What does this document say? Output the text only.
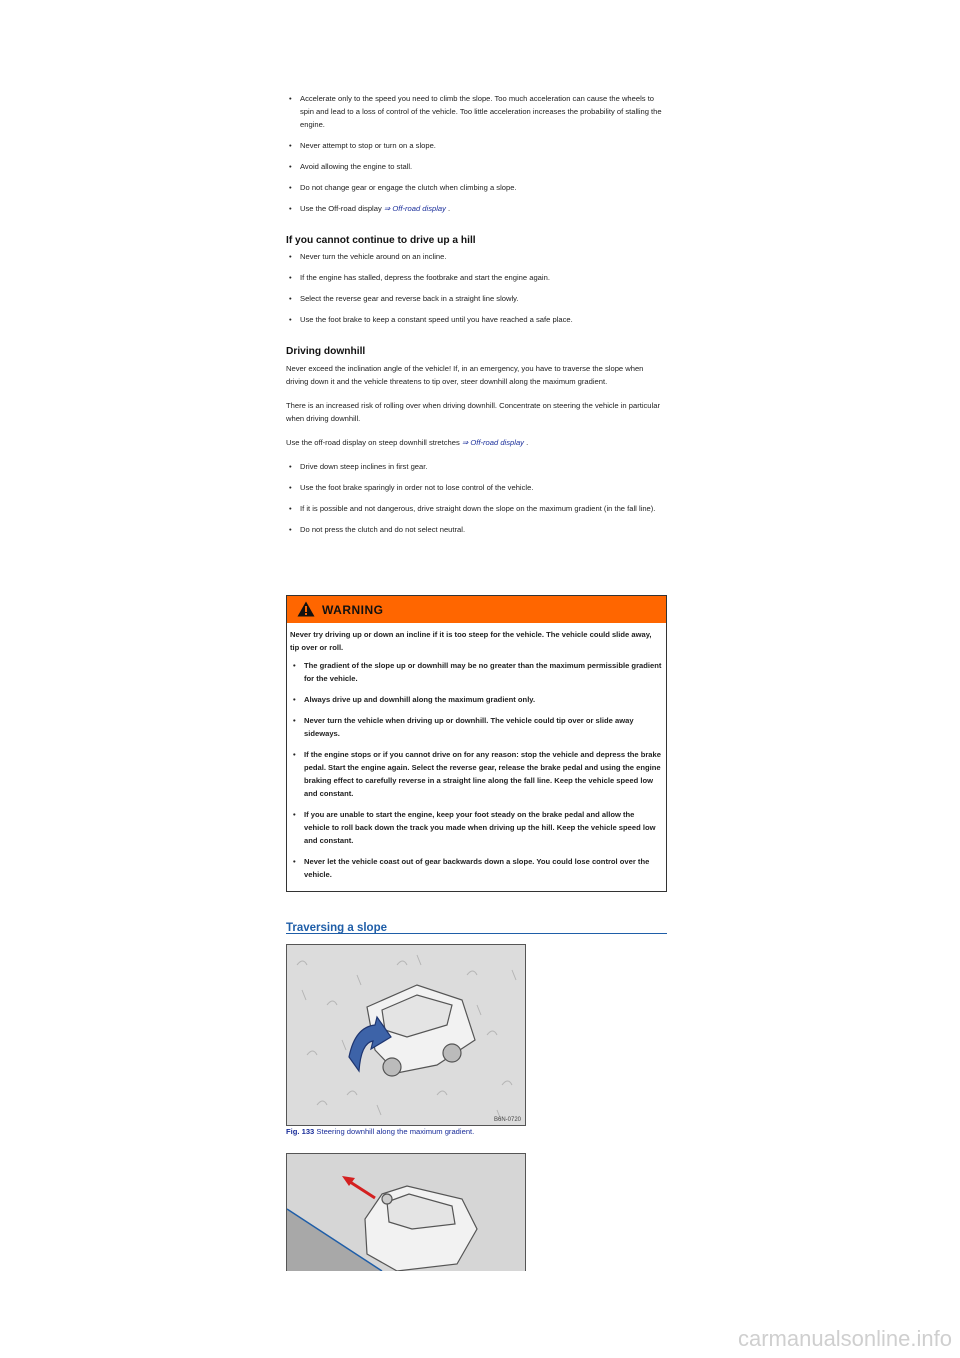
• Accelerate only to the speed you need to climb the slope. Too much acceleration can cause the wheels to spin and lead to a loss of control of the vehicle. Too little acceleration increases the probability of stalling the engine.
• Never attempt to stop or turn on a slope.
• Avoid allowing the engine to stall.
• Do not change gear or engage the clutch when climbing a slope.
• Use the Off-road display ⇒ Off-road display .
If you cannot continue to drive up a hill
• Never turn the vehicle around on an incline.
• If the engine has stalled, depress the footbrake and start the engine again.
• Select the reverse gear and reverse back in a straight line slowly.
• Use the foot brake to keep a constant speed until you have reached a safe place.
Driving downhill

Never exceed the inclination angle of the vehicle! If, in an emergency, you have to traverse the slope when driving down it and the vehicle threatens to tip over, steer downhill along the maximum gradient.

There is an increased risk of rolling over when driving downhill. Concentrate on steering the vehicle in particular when driving downhill.

Use the off-road display on steep downhill stretches ⇒ Off-road display .

• Drive down steep inclines in first gear.
• Use the foot brake sparingly in order not to lose control of the vehicle.
• If it is possible and not dangerous, drive straight down the slope on the maximum gradient (in the fall line).
• Do not press the clutch and do not select neutral.
WARNING

Never try driving up or down an incline if it is too steep for the vehicle. The vehicle could slide away, tip over or roll.

• The gradient of the slope up or downhill may be no greater than the maximum permissible gradient for the vehicle.
• Always drive up and downhill along the maximum gradient only.
• Never turn the vehicle when driving up or downhill. The vehicle could tip over or slide away sideways.
• If the engine stops or if you cannot drive on for any reason: stop the vehicle and depress the brake pedal. Start the engine again. Select the reverse gear, release the brake pedal and using the engine braking effect to carefully reverse in a straight line along the fall line. Keep the vehicle speed low and constant.
• If you are unable to start the engine, keep your foot steady on the brake pedal and allow the vehicle to roll back down the track you made when driving up the hill. Keep the vehicle speed low and constant.
• Never let the vehicle coast out of gear backwards down a slope. You could lose control over the vehicle.
Traversing a slope
B6N-0720
Fig. 133 Steering downhill along the maximum gradient.
carmanualsonline.info
